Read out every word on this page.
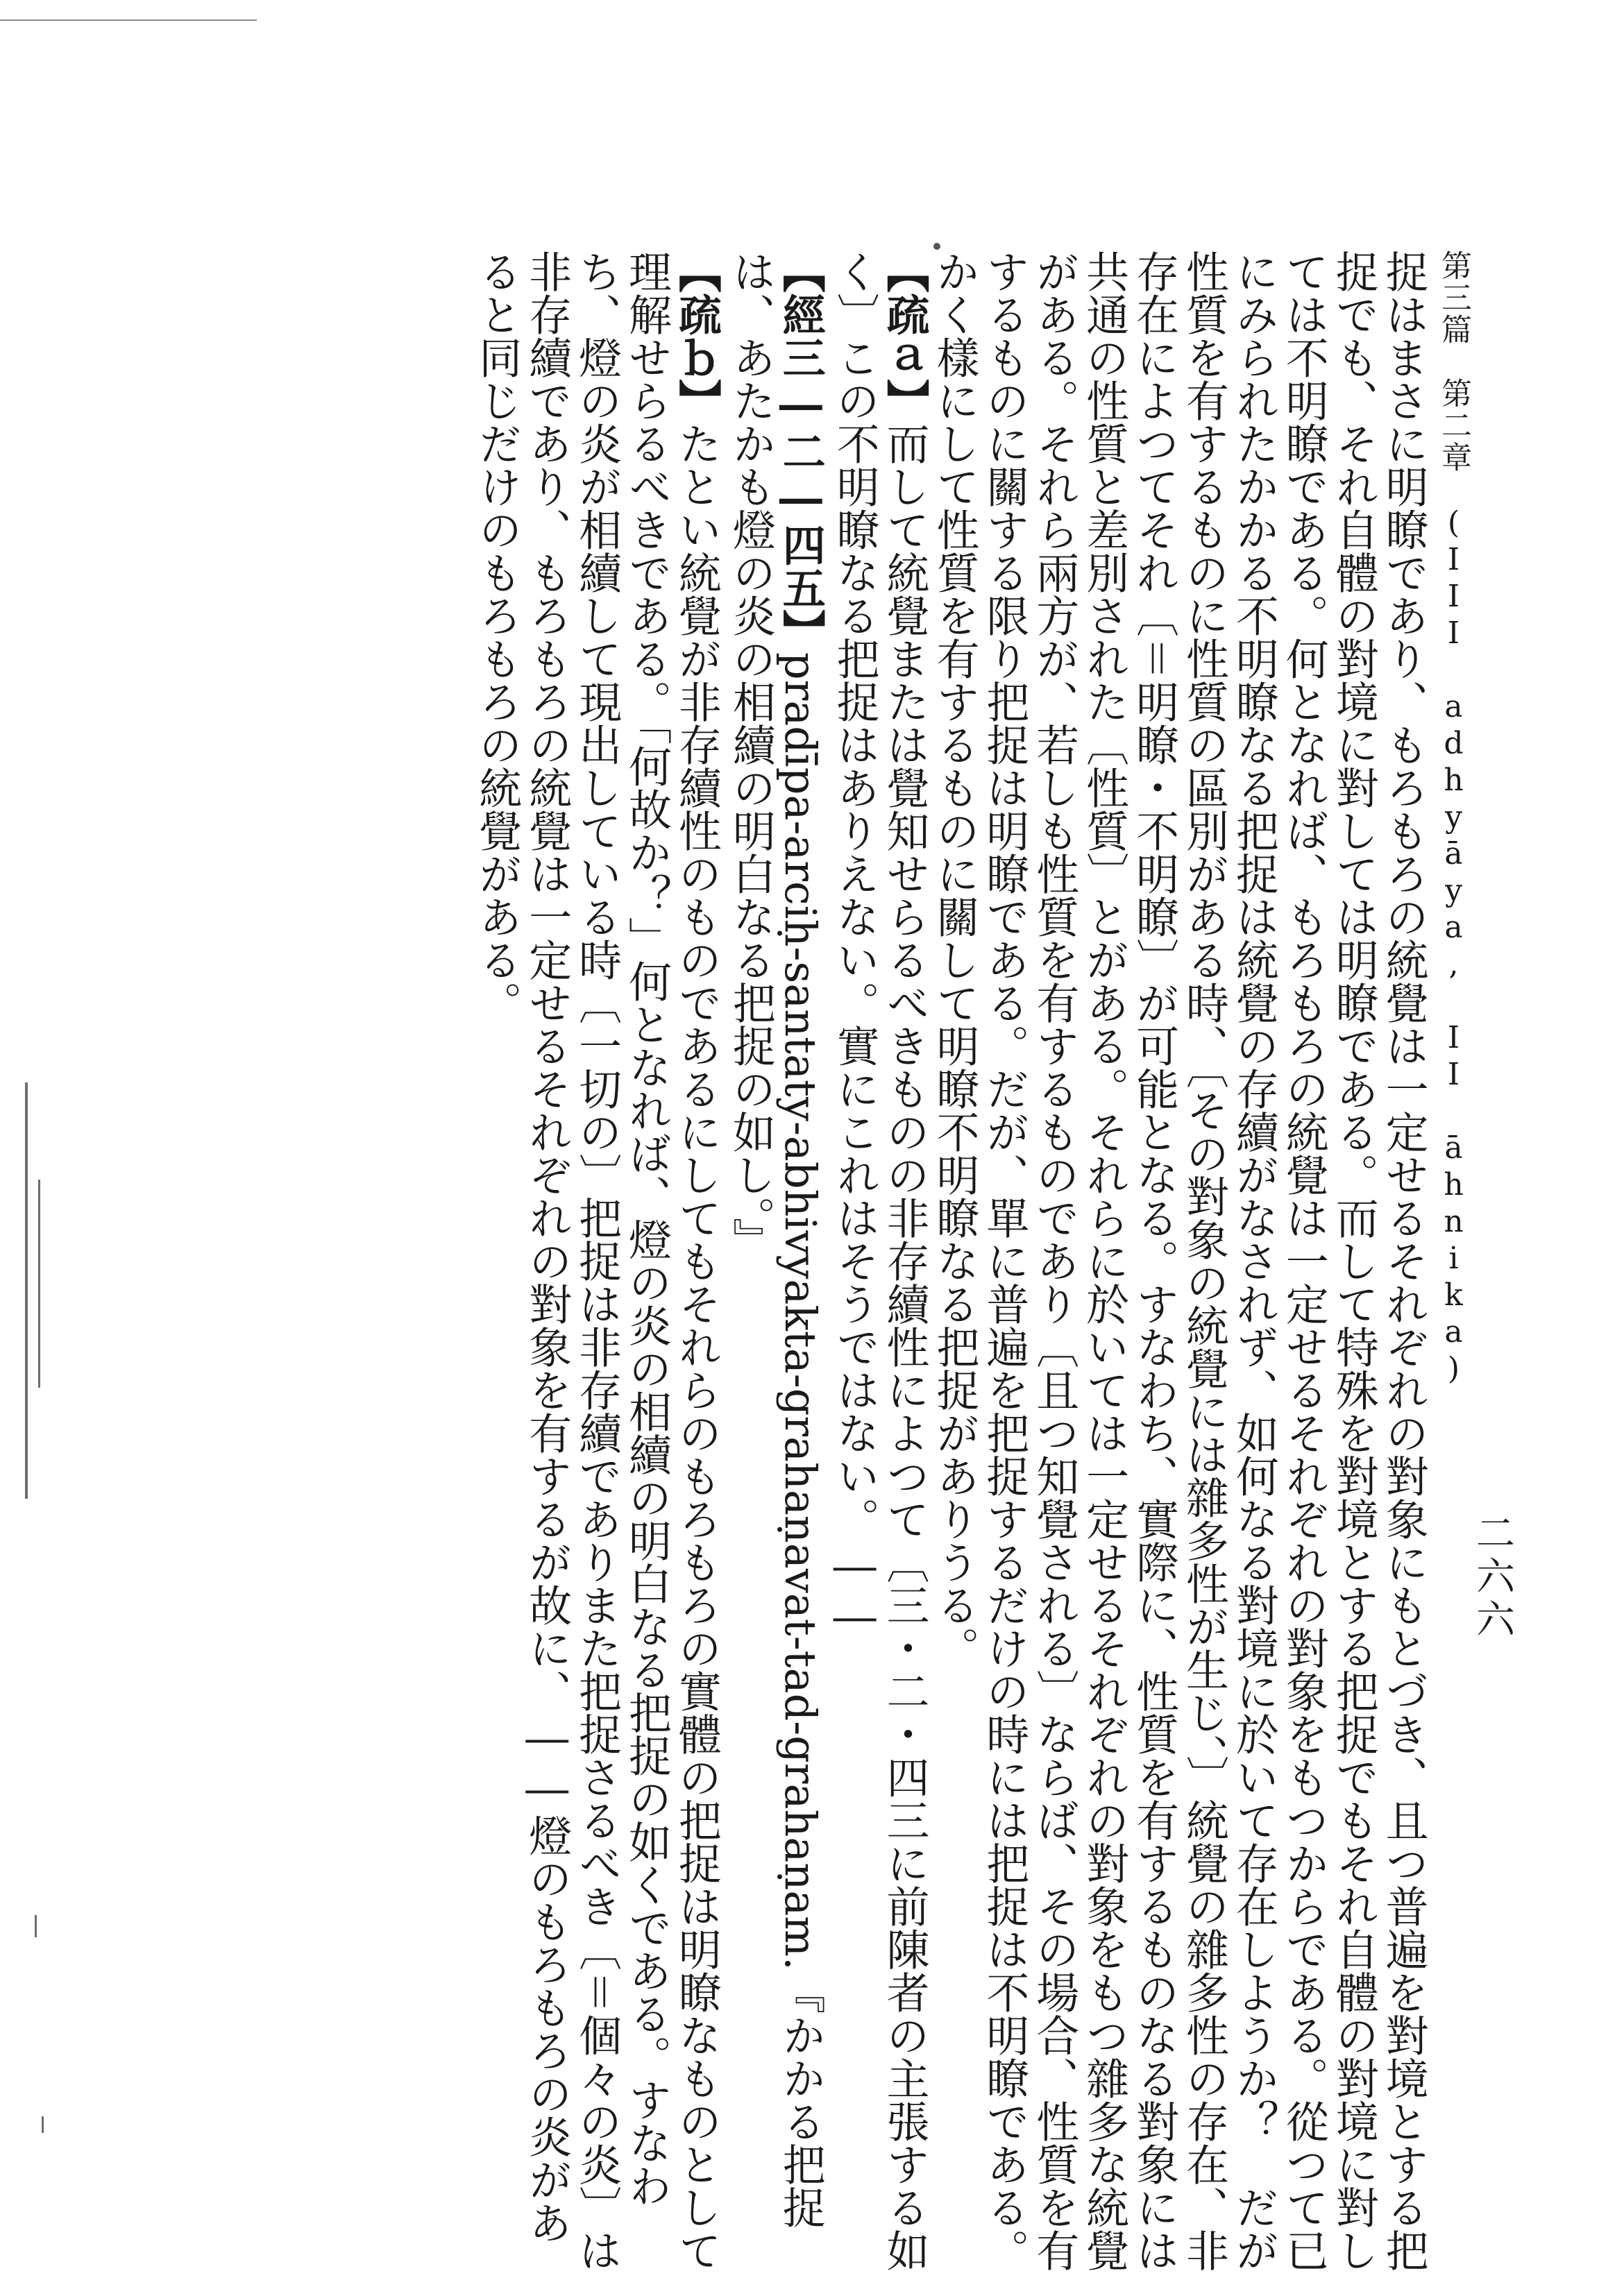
二六六
第三篇　第二章　(III adhyāya, II āhnika)
捉はまさに明瞭であり、もろもろの統覺は一定せるそれぞれの對象にもとづき、且つ普遍を對境とする把捉でも、それ自體の對境に對しては明瞭である。而して特殊を對境とする把捉でもそれ自體の對境に對しては不明瞭である。何となれば、もろもろの統覺は一定せるそれぞれの對象をもつからである。從つて已にみられたかかる不明瞭なる把捉は統覺の存續がなされず、如何なる對境に於いて存在しようか？　だが性質を有するものに性質の區別がある時、〔その對象の統覺には雜多性が生じ、〕統覺の雜多性の存在、非存在によつてそれ〔＝明瞭・不明瞭〕が可能となる。すなわち、實際に、性質を有するものなる對象には共通の性質と差別された〔性質〕とがある。それらに於いては一定せるそれぞれの對象をもつ雜多な統覺がある。それら兩方が、若しも性質を有するものであり〔且つ知覺される〕ならば、その場合、性質を有するものに關する限り把捉は明瞭である。だが、單に普遍を把捉するだけの時には把捉は不明瞭である。かく樣にして性質を有するものに關して明瞭不明瞭なる把捉がありうる。
【疏ａ】而して統覺または覺知せらるべきものの非存續性によつて〔三・二・四三に前陳者の主張する如く〕この不明瞭なる把捉はありえない。實にこれはそうではない。――
【經三―二―四五】pradīpa-arciḥ-santaty-abhivyakta-grahaṇavat-tad-grahaṇam.『かかる把捉は、あたかも燈の炎の相續の明白なる把捉の如し。』
【疏ｂ】たとい統覺が非存續性のものであるにしてもそれらのもろもろの實體の把捉は明瞭なものとして理解せらるべきである。「何故か？」何となれば、燈の炎の相續の明白なる把捉の如くである。すなわち、燈の炎が相續して現出している時〔一切の〕把捉は非存續でありまた把捉さるべき〔＝個々の炎〕は非存續であり、もろもろの統覺は一定せるそれぞれの對象を有するが故に、――燈のもろもろの炎があると同じだけのもろもろの統覺がある。
